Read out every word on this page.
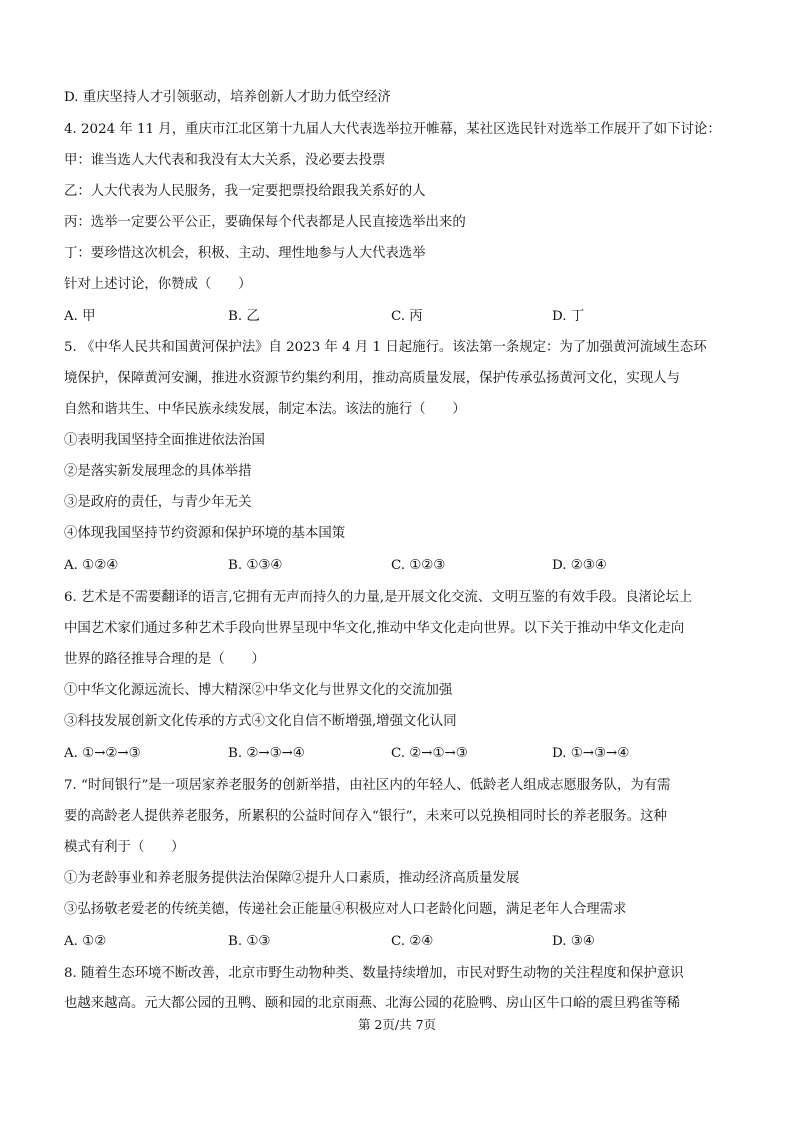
D. 重庆坚持人才引领驱动，培养创新人才助力低空经济
4. 2024 年 11 月，重庆市江北区第十九届人大代表选举拉开帷幕，某社区选民针对选举工作展开了如下讨论：
甲：谁当选人大代表和我没有太大关系，没必要去投票
乙：人大代表为人民服务，我一定要把票投给跟我关系好的人
丙：选举一定要公平公正，要确保每个代表都是人民直接选举出来的
丁：要珍惜这次机会，积极、主动、理性地参与人大代表选举
针对上述讨论，你赞成（　　）
A. 甲	B. 乙	C. 丙	D. 丁
5. 《中华人民共和国黄河保护法》自 2023 年 4 月 1 日起施行。该法第一条规定：为了加强黄河流域生态环
境保护，保障黄河安澜，推进水资源节约集约利用，推动高质量发展，保护传承弘扬黄河文化，实现人与
自然和谐共生、中华民族永续发展，制定本法。该法的施行（　　）
①表明我国坚持全面推进依法治国
②是落实新发展理念的具体举措
③是政府的责任，与青少年无关
④体现我国坚持节约资源和保护环境的基本国策
A. ①②④	B. ①③④	C. ①②③	D. ②③④
6. 艺术是不需要翻译的语言,它拥有无声而持久的力量,是开展文化交流、文明互鉴的有效手段。良渚论坛上
中国艺术家们通过多种艺术手段向世界呈现中华文化,推动中华文化走向世界。以下关于推动中华文化走向
世界的路径推导合理的是（　　）
①中华文化源远流长、博大精深②中华文化与世界文化的交流加强
③科技发展创新文化传承的方式④文化自信不断增强,增强文化认同
A. ①→②→③	B. ②→③→④	C. ②→①→③	D. ①→③→④
7. “时间银行”是一项居家养老服务的创新举措，由社区内的年轻人、低龄老人组成志愿服务队，为有需
要的高龄老人提供养老服务，所累积的公益时间存入“银行”，未来可以兑换相同时长的养老服务。这种
模式有利于（　　）
①为老龄事业和养老服务提供法治保障②提升人口素质，推动经济高质量发展
③弘扬敬老爱老的传统美德，传递社会正能量④积极应对人口老龄化问题，满足老年人合理需求
A. ①②	B. ①③	C. ②④	D. ③④
8. 随着生态环境不断改善，北京市野生动物种类、数量持续增加，市民对野生动物的关注程度和保护意识
也越来越高。元大都公园的丑鸭、颐和园的北京雨燕、北海公园的花脸鸭、房山区牛口峪的震旦鸦雀等稀
第 2页/共 7页
